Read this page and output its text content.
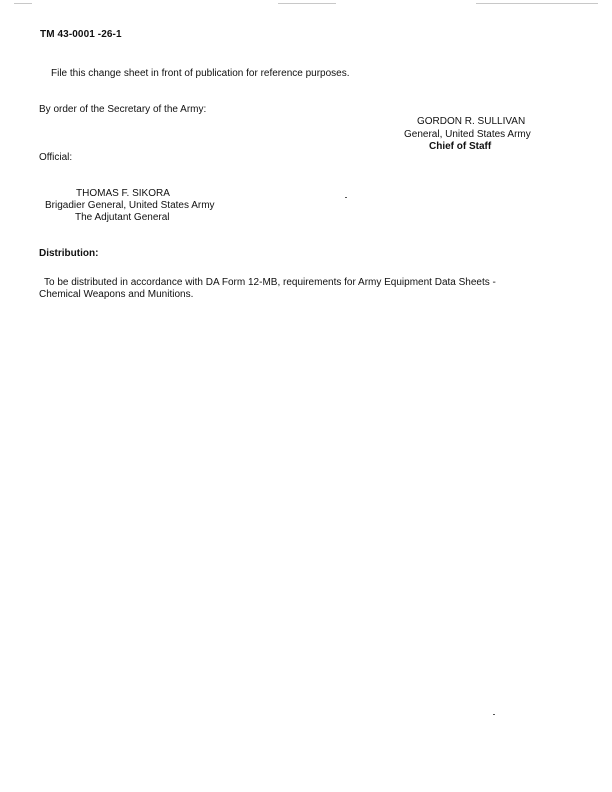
TM 43-0001 -26-1
File this change sheet in front of publication for reference purposes.
By order of the Secretary of the Army:
GORDON R. SULLIVAN
General, United States Army
Chief of Staff
Official:
THOMAS F. SIKORA
Brigadier General, United States Army
The Adjutant General
Distribution:
To be distributed in accordance with DA Form 12-MB, requirements for Army Equipment Data Sheets -
Chemical Weapons and Munitions.
